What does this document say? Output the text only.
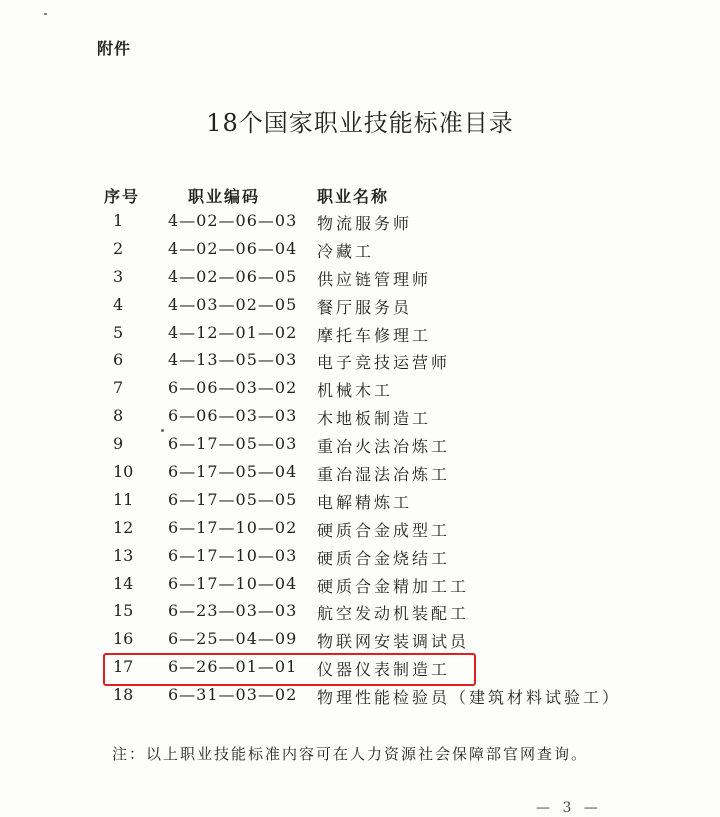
附件
18个国家职业技能标准目录
序号	职业编码	职业名称
1	4—02—06—03 物流服务师
2	4—02—06—04 冷藏工
3	4—02—06—05 供应链管理师
4	4—03—02—05 餐厅服务员
5	4—12—01—02 摩托车修理工
6	4—13—05—03 电子竞技运营师
7	6—06—03—02 机械木工
8	6—06—03—03 木地板制造工
9	6—17—05—03 重冶火法冶炼工
10 6—17—05—04 重冶湿法冶炼工
11 6—17—05—05 电解精炼工
12 6—17—10—02 硬质合金成型工
13 6—17—10—03 硬质合金烧结工
14 6—17—10—04 硬质合金精加工工
15 6—23—03—03 航空发动机装配工
16 6—25—04—09 物联网安装调试员
17 6—26—01—01 仪器仪表制造工
18 6—31—03—02 物理性能检验员（建筑材料试验工）
注：以上职业技能标准内容可在人力资源社会保障部官网查询。
— 3 —
